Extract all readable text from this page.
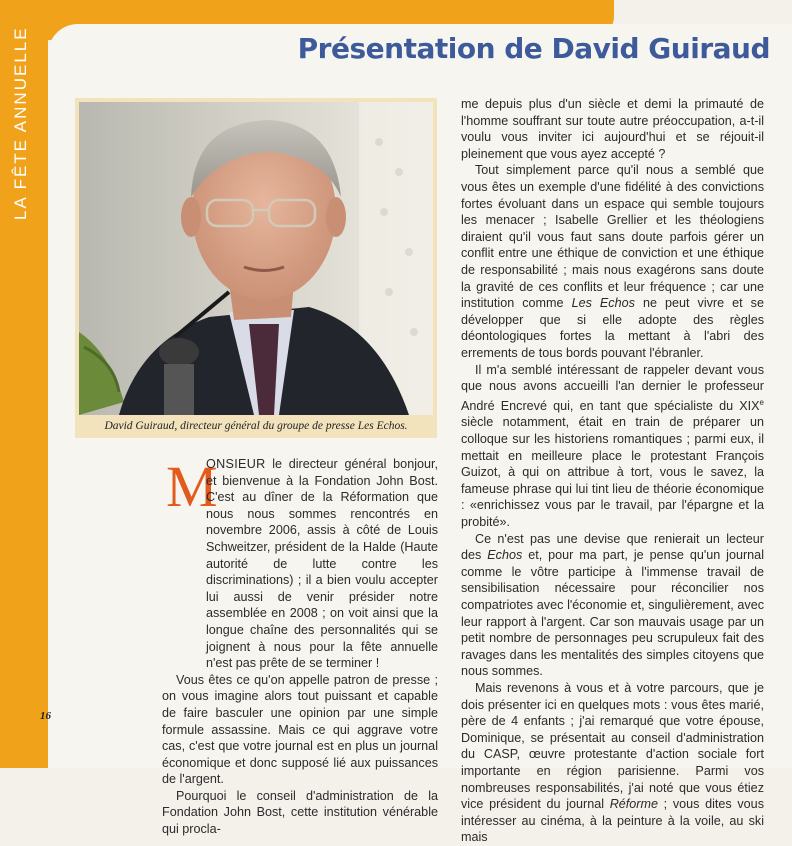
LA FÊTE ANNUELLE	Présentation de David Guiraud
David Guiraud, directeur général du groupe de presse Les Echos.
M

ONSIEUR le directeur général bonjour, et bienvenue à la Fondation John Bost. C'est au dîner de la Réformation que nous nous sommes rencontrés en novembre 2006, assis à côté de Louis Schweitzer, président de la Halde (Haute autorité de lutte contre les discriminations) ; il a bien voulu accepter lui aussi de venir présider notre assemblée en 2008 ; on voit ainsi que la longue chaîne des personnalités qui se joignent à nous pour la fête annuelle n'est pas prête de se terminer !

Vous êtes ce qu'on appelle patron de presse ; on vous imagine alors tout puissant et capable de faire basculer une opinion par une simple formule assassine. Mais ce qui aggrave votre cas, c'est que votre journal est en plus un journal économique et donc supposé lié aux puissances de l'argent.

Pourquoi le conseil d'administration de la Fondation John Bost, cette institution vénérable qui procla-

me depuis plus d'un siècle et demi la primauté de l'homme souffrant sur toute autre préoccupation, a-t-il voulu vous inviter ici aujourd'hui et se réjouit-il pleinement que vous ayez accepté ?

Tout simplement parce qu'il nous a semblé que vous êtes un exemple d'une fidélité à des convictions fortes évoluant dans un espace qui semble toujours les menacer ; Isabelle Grellier et les théologiens diraient qu'il vous faut sans doute parfois gérer un conflit entre une éthique de conviction et une éthique de responsabilité ; mais nous exagérons sans doute la gravité de ces conflits et leur fréquence ; car une institution comme Les Echos ne peut vivre et se développer que si elle adopte des règles déontologiques fortes la mettant à l'abri des errements de tous bords pouvant l'ébranler.

Il m'a semblé intéressant de rappeler devant vous que nous avons accueilli l'an dernier le professeur André Encrevé qui, en tant que spécialiste du XIXe siècle notamment, était en train de préparer un colloque sur les historiens romantiques ; parmi eux, il mettait en meilleure place le protestant François Guizot, à qui on attribue à tort, vous le savez, la fameuse phrase qui lui tint lieu de théorie économique : «enrichissez vous par le travail, par l'épargne et la probité».

Ce n'est pas une devise que renierait un lecteur des Echos et, pour ma part, je pense qu'un journal comme le vôtre participe à l'immense travail de sensibilisation nécessaire pour réconcilier nos compatriotes avec l'économie et, singulièrement, avec leur rapport à l'argent. Car son mauvais usage par un petit nombre de personnages peu scrupuleux fait des ravages dans les mentalités des simples citoyens que nous sommes.

Mais revenons à vous et à votre parcours, que je dois présenter ici en quelques mots : vous êtes marié, père de 4 enfants ; j'ai remarqué que votre épouse, Dominique, se présentait au conseil d'administration du CASP, œuvre protestante d'action sociale fort importante en région parisienne. Parmi vos nombreuses responsabilités, j'ai noté que vous étiez vice président du journal Réforme ; vous dites vous intéresser au cinéma, à la peinture à la voile, au ski mais

16
